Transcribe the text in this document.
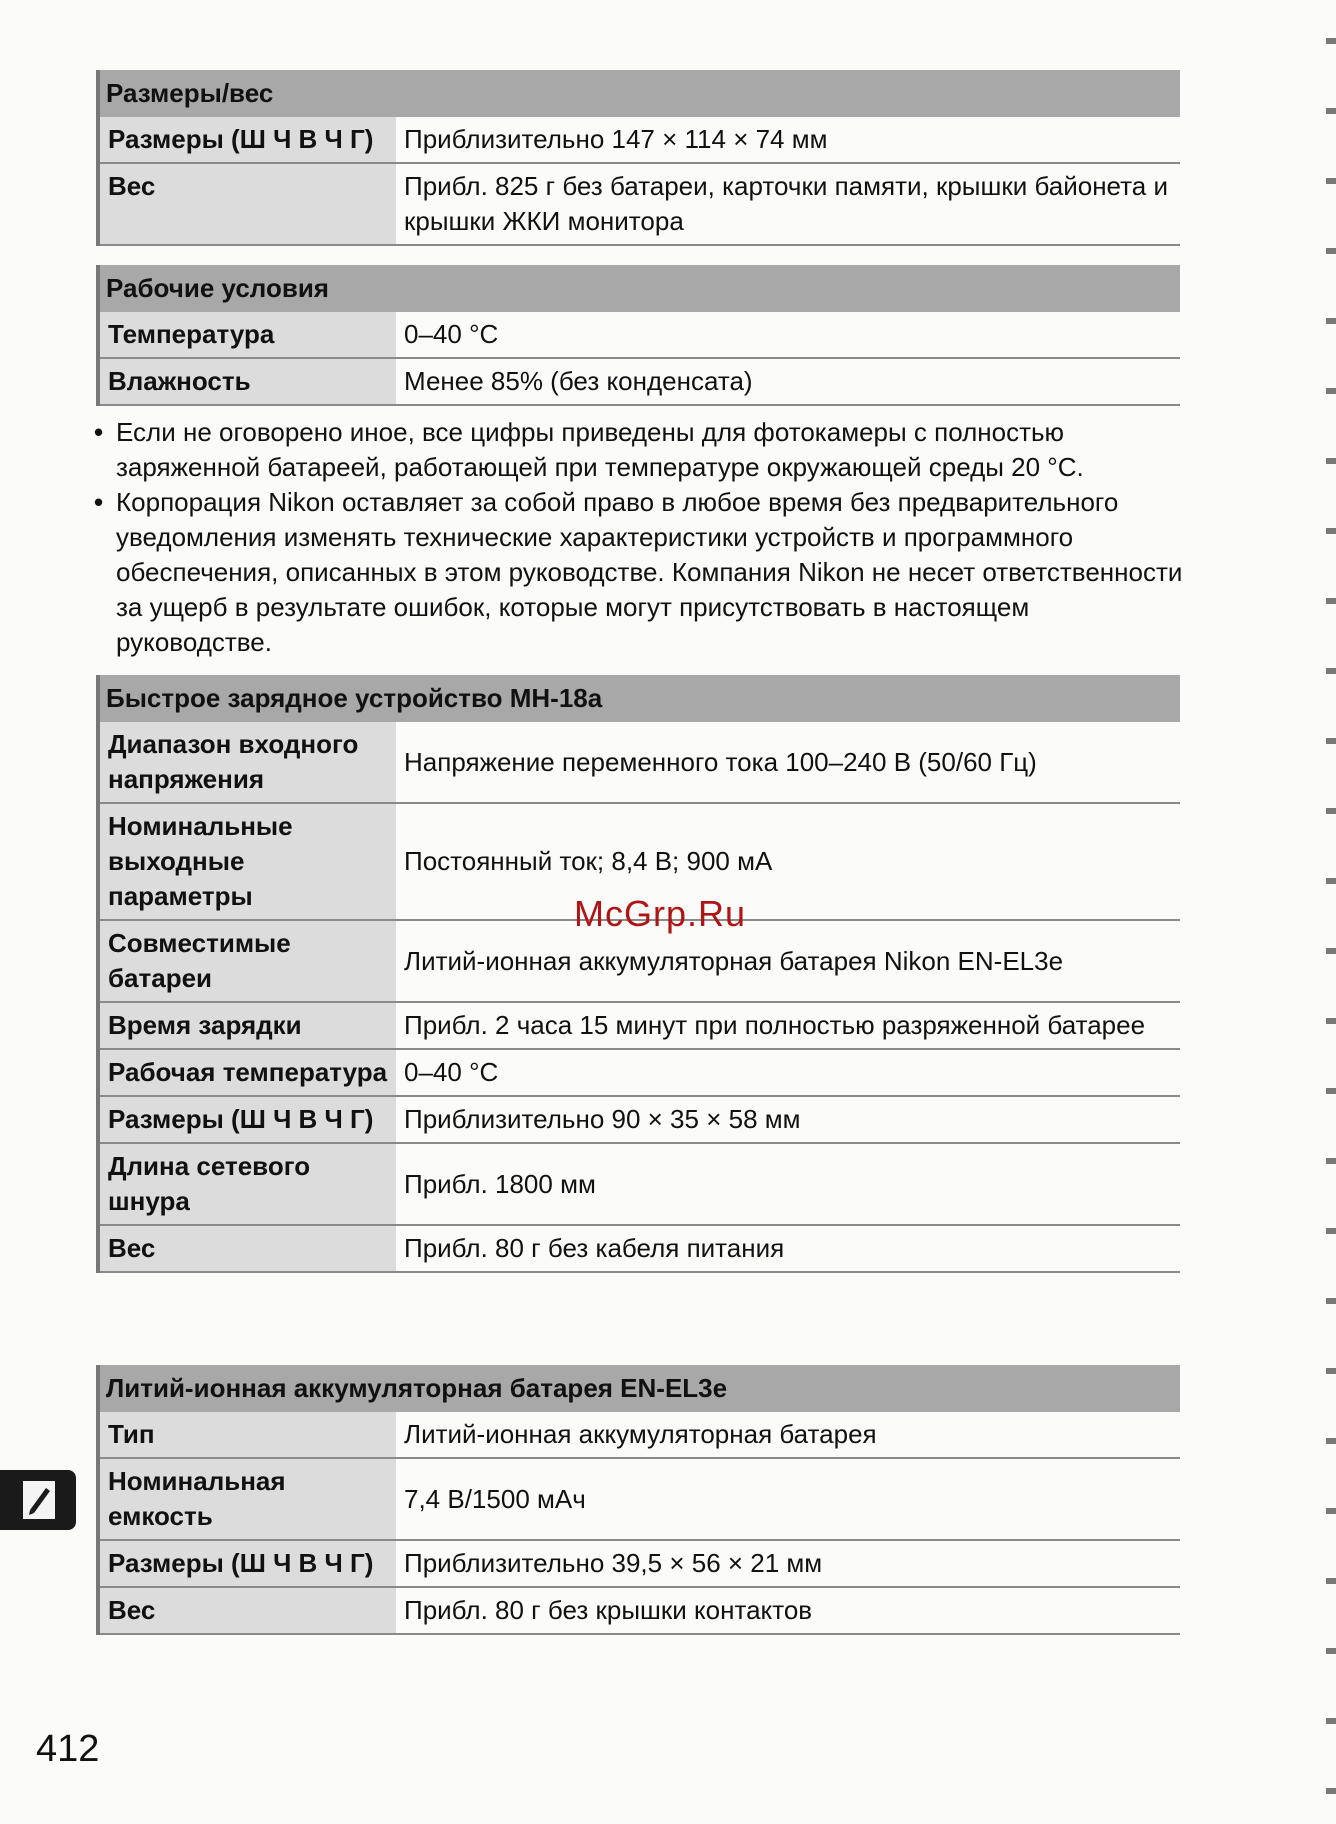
Размеры/вес	
Размеры (Ш Ч В Ч Г)	Приблизительно 147 × 114 × 74 мм
Вес	Прибл. 825 г без батареи, карточки памяти, крышки байонета и крышки ЖКИ монитора
Рабочие условия	
Температура	0–40 °C
Влажность	Менее 85% (без конденсата)
• Если не оговорено иное, все цифры приведены для фотокамеры с полностью заряженной батареей, работающей при температуре окружающей среды 20 °C.
• Корпорация Nikon оставляет за собой право в любое время без предварительного уведомления изменять технические характеристики устройств и программного обеспечения, описанных в этом руководстве. Компания Nikon не несет ответственности за ущерб в результате ошибок, которые могут присутствовать в настоящем руководстве.
Быстрое зарядное устройство MH-18a	
Диапазон входного напряжения	Напряжение переменного тока 100–240 В (50/60 Гц)
Номинальные выходные параметры	Постоянный ток; 8,4 В; 900 мА
Совместимые батареи	Литий-ионная аккумуляторная батарея Nikon EN-EL3e
Время зарядки	Прибл. 2 часа 15 минут при полностью разряженной батарее
Рабочая температура	0–40 °C
Размеры (Ш Ч В Ч Г)	Приблизительно 90 × 35 × 58 мм
Длина сетевого шнура	Прибл. 1800 мм
Вес	Прибл. 80 г без кабеля питания
Литий-ионная аккумуляторная батарея EN-EL3e	
Тип	Литий-ионная аккумуляторная батарея
Номинальная емкость	7,4 В/1500 мАч
Размеры (Ш Ч В Ч Г)	Приблизительно 39,5 × 56 × 21 мм
Вес	Прибл. 80 г без крышки контактов
McGrp.Ru
412
